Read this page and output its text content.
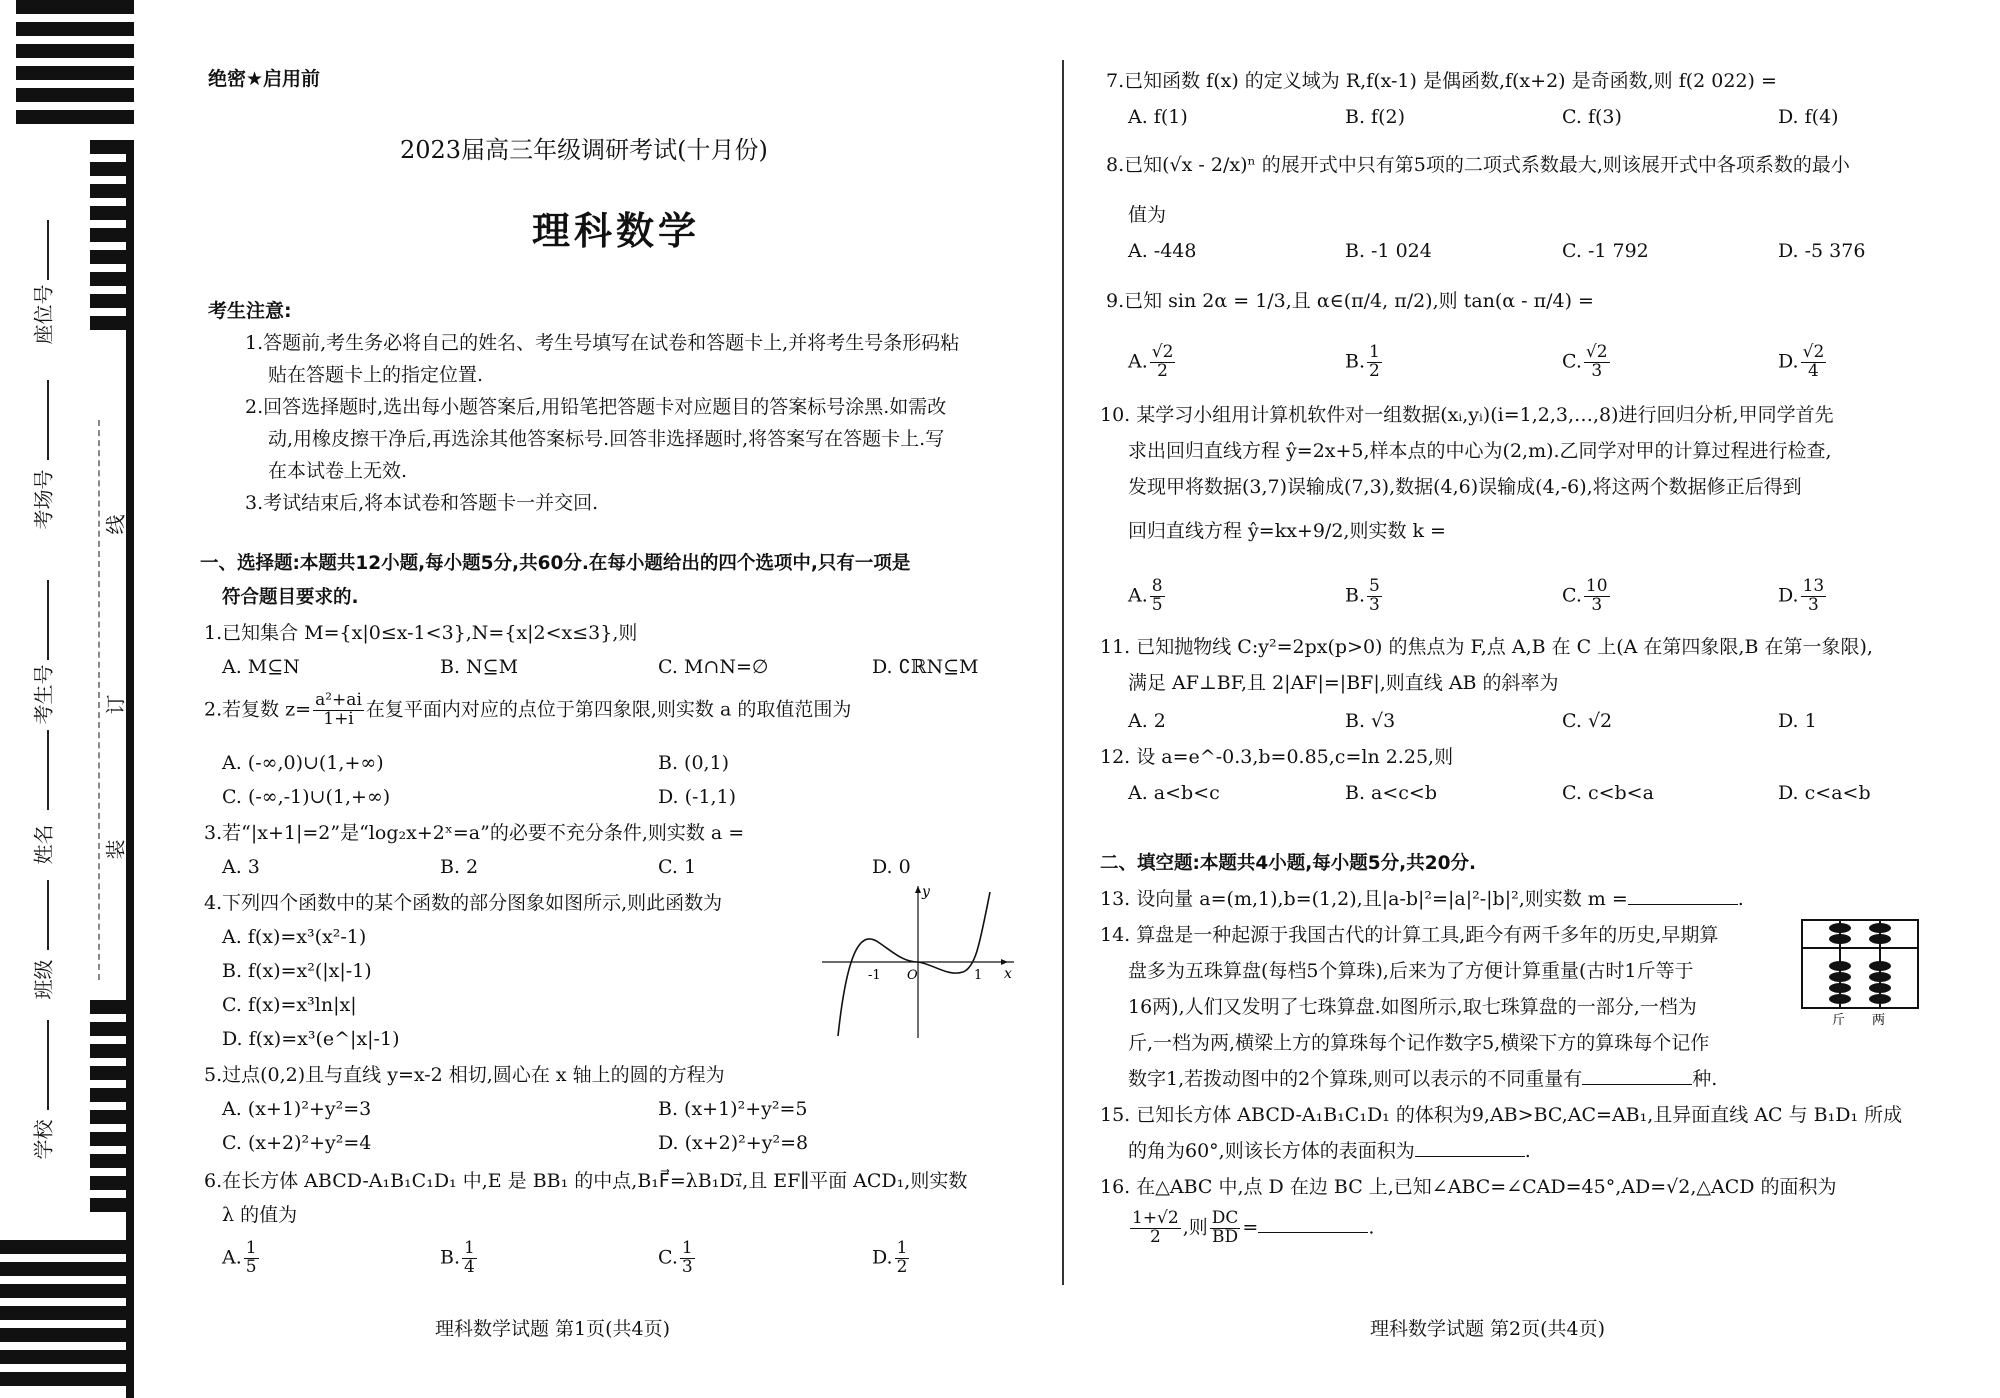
座位号
考场号
考生号
姓名
班级
学校
线
订
装
绝密★启用前
2023届高三年级调研考试(十月份)
理科数学
考生注意:
1.答题前,考生务必将自己的姓名、考生号填写在试卷和答题卡上,并将考生号条形码粘
贴在答题卡上的指定位置.
2.回答选择题时,选出每小题答案后,用铅笔把答题卡对应题目的答案标号涂黑.如需改
动,用橡皮擦干净后,再选涂其他答案标号.回答非选择题时,将答案写在答题卡上.写
在本试卷上无效.
3.考试结束后,将本试卷和答题卡一并交回.
一、选择题:本题共12小题,每小题5分,共60分.在每小题给出的四个选项中,只有一项是
符合题目要求的.
1.已知集合 M={x|0≤x-1<3},N={x|2<x≤3},则
A. M⊆N	B. N⊆M	C. M∩N=∅	D. ∁ℝN⊆M
2.若复数 $z= \frac{\text{a²+ai}}{1+i}$ 在复平面内对应的点位于第四象限,则实数 a 的取值范围为
A. (-∞,0)∪(1,+∞)	B. (0,1)
C. (-∞,-1)∪(1,+∞)	D. (-1,1)
3.若“|x+1|=2”是“log₂x+2ˣ=a”的必要不充分条件,则实数 a =
A. 3	B. 2	C. 1	D. 0
4.下列四个函数中的某个函数的部分图象如图所示,则此函数为
A. f(x)=x³(x²-1)
B. f(x)=x²(|x|-1)
C. f(x)=x³ln|x|
D. f(x)=x³(e^|x|-1)
y
x
-1 O	1
5.过点(0,2)且与直线 y=x-2 相切,圆心在 x 轴上的圆的方程为
A. (x+1)²+y²=3	B. (x+1)²+y²=5
C. (x+2)²+y²=4	D. (x+2)²+y²=8
6.在长方体 ABCD-A₁B₁C₁D₁ 中,E 是 BB₁ 的中点,B₁F⃗=λB₁D₁⃗,且 EF∥平面 ACD₁,则实数
λ 的值为
A. $\frac{1}{5}$	B. $\frac{1}{4}$	C. $\frac{1}{3}$	D. $\frac{1}{2}$
理科数学试题 第1页(共4页)
7.已知函数 f(x) 的定义域为 R,f(x-1) 是偶函数,f(x+2) 是奇函数,则 f(2 022) =
A. f(1)	B. f(2)	C. f(3)	D. f(4)
8.已知(√x - 2/x)ⁿ 的展开式中只有第5项的二项式系数最大,则该展开式中各项系数的最小
值为
A. -448	B. -1 024	C. -1 792	D. -5 376
9.已知 sin 2α = 1/3,且 α∈(π/4, π/2),则 tan(α - π/4) =
A. $\frac{√2}{2}$	B. $\frac{1}{2}$	C. $\frac{√2}{3}$	D. $\frac{√2}{4}$
10. 某学习小组用计算机软件对一组数据(xᵢ,yᵢ)(i=1,2,3,…,8)进行回归分析,甲同学首先
求出回归直线方程 ŷ=2x+5,样本点的中心为(2,m).乙同学对甲的计算过程进行检查,
发现甲将数据(3,7)误输成(7,3),数据(4,6)误输成(4,-6),将这两个数据修正后得到
回归直线方程 ŷ=kx+9/2,则实数 k =
A. $\frac{8}{5}$	B. $\frac{5}{3}$	C. $\frac{10}{3}$	D. $\frac{13}{3}$
11. 已知抛物线 C:y²=2px(p>0) 的焦点为 F,点 A,B 在 C 上(A 在第四象限,B 在第一象限),
满足 AF⊥BF,且 2|AF|=|BF|,则直线 AB 的斜率为
A. 2	B. √3	C. √2	D. 1
12. 设 a=e^-0.3,b=0.85,c=ln 2.25,则
A. a<b<c	B. a<c<b	C. c<b<a	D. c<a<b
二、填空题:本题共4小题,每小题5分,共20分.
13. 设向量 a=(m,1),b=(1,2),且|a-b|²=|a|²-|b|²,则实数 m =	.
14. 算盘是一种起源于我国古代的计算工具,距今有两千多年的历史,早期算
盘多为五珠算盘(每档5个算珠),后来为了方便计算重量(古时1斤等于
16两),人们又发明了七珠算盘.如图所示,取七珠算盘的一部分,一档为
斤,一档为两,横梁上方的算珠每个记作数字5,横梁下方的算珠每个记作
数字1,若拨动图中的2个算珠,则可以表示的不同重量有	种.
斤 两
15. 已知长方体 ABCD-A₁B₁C₁D₁ 的体积为9,AB>BC,AC=AB₁,且异面直线 AC 与 B₁D₁ 所成
的角为60°,则该长方体的表面积为	.
16. 在△ABC 中,点 D 在边 BC 上,已知∠ABC=∠CAD=45°,AD=√2,△ACD 的面积为
$\frac{1+√2}{2}$ ,则 $\frac{DC}{BD}$ =	.
理科数学试题 第2页(共4页)
